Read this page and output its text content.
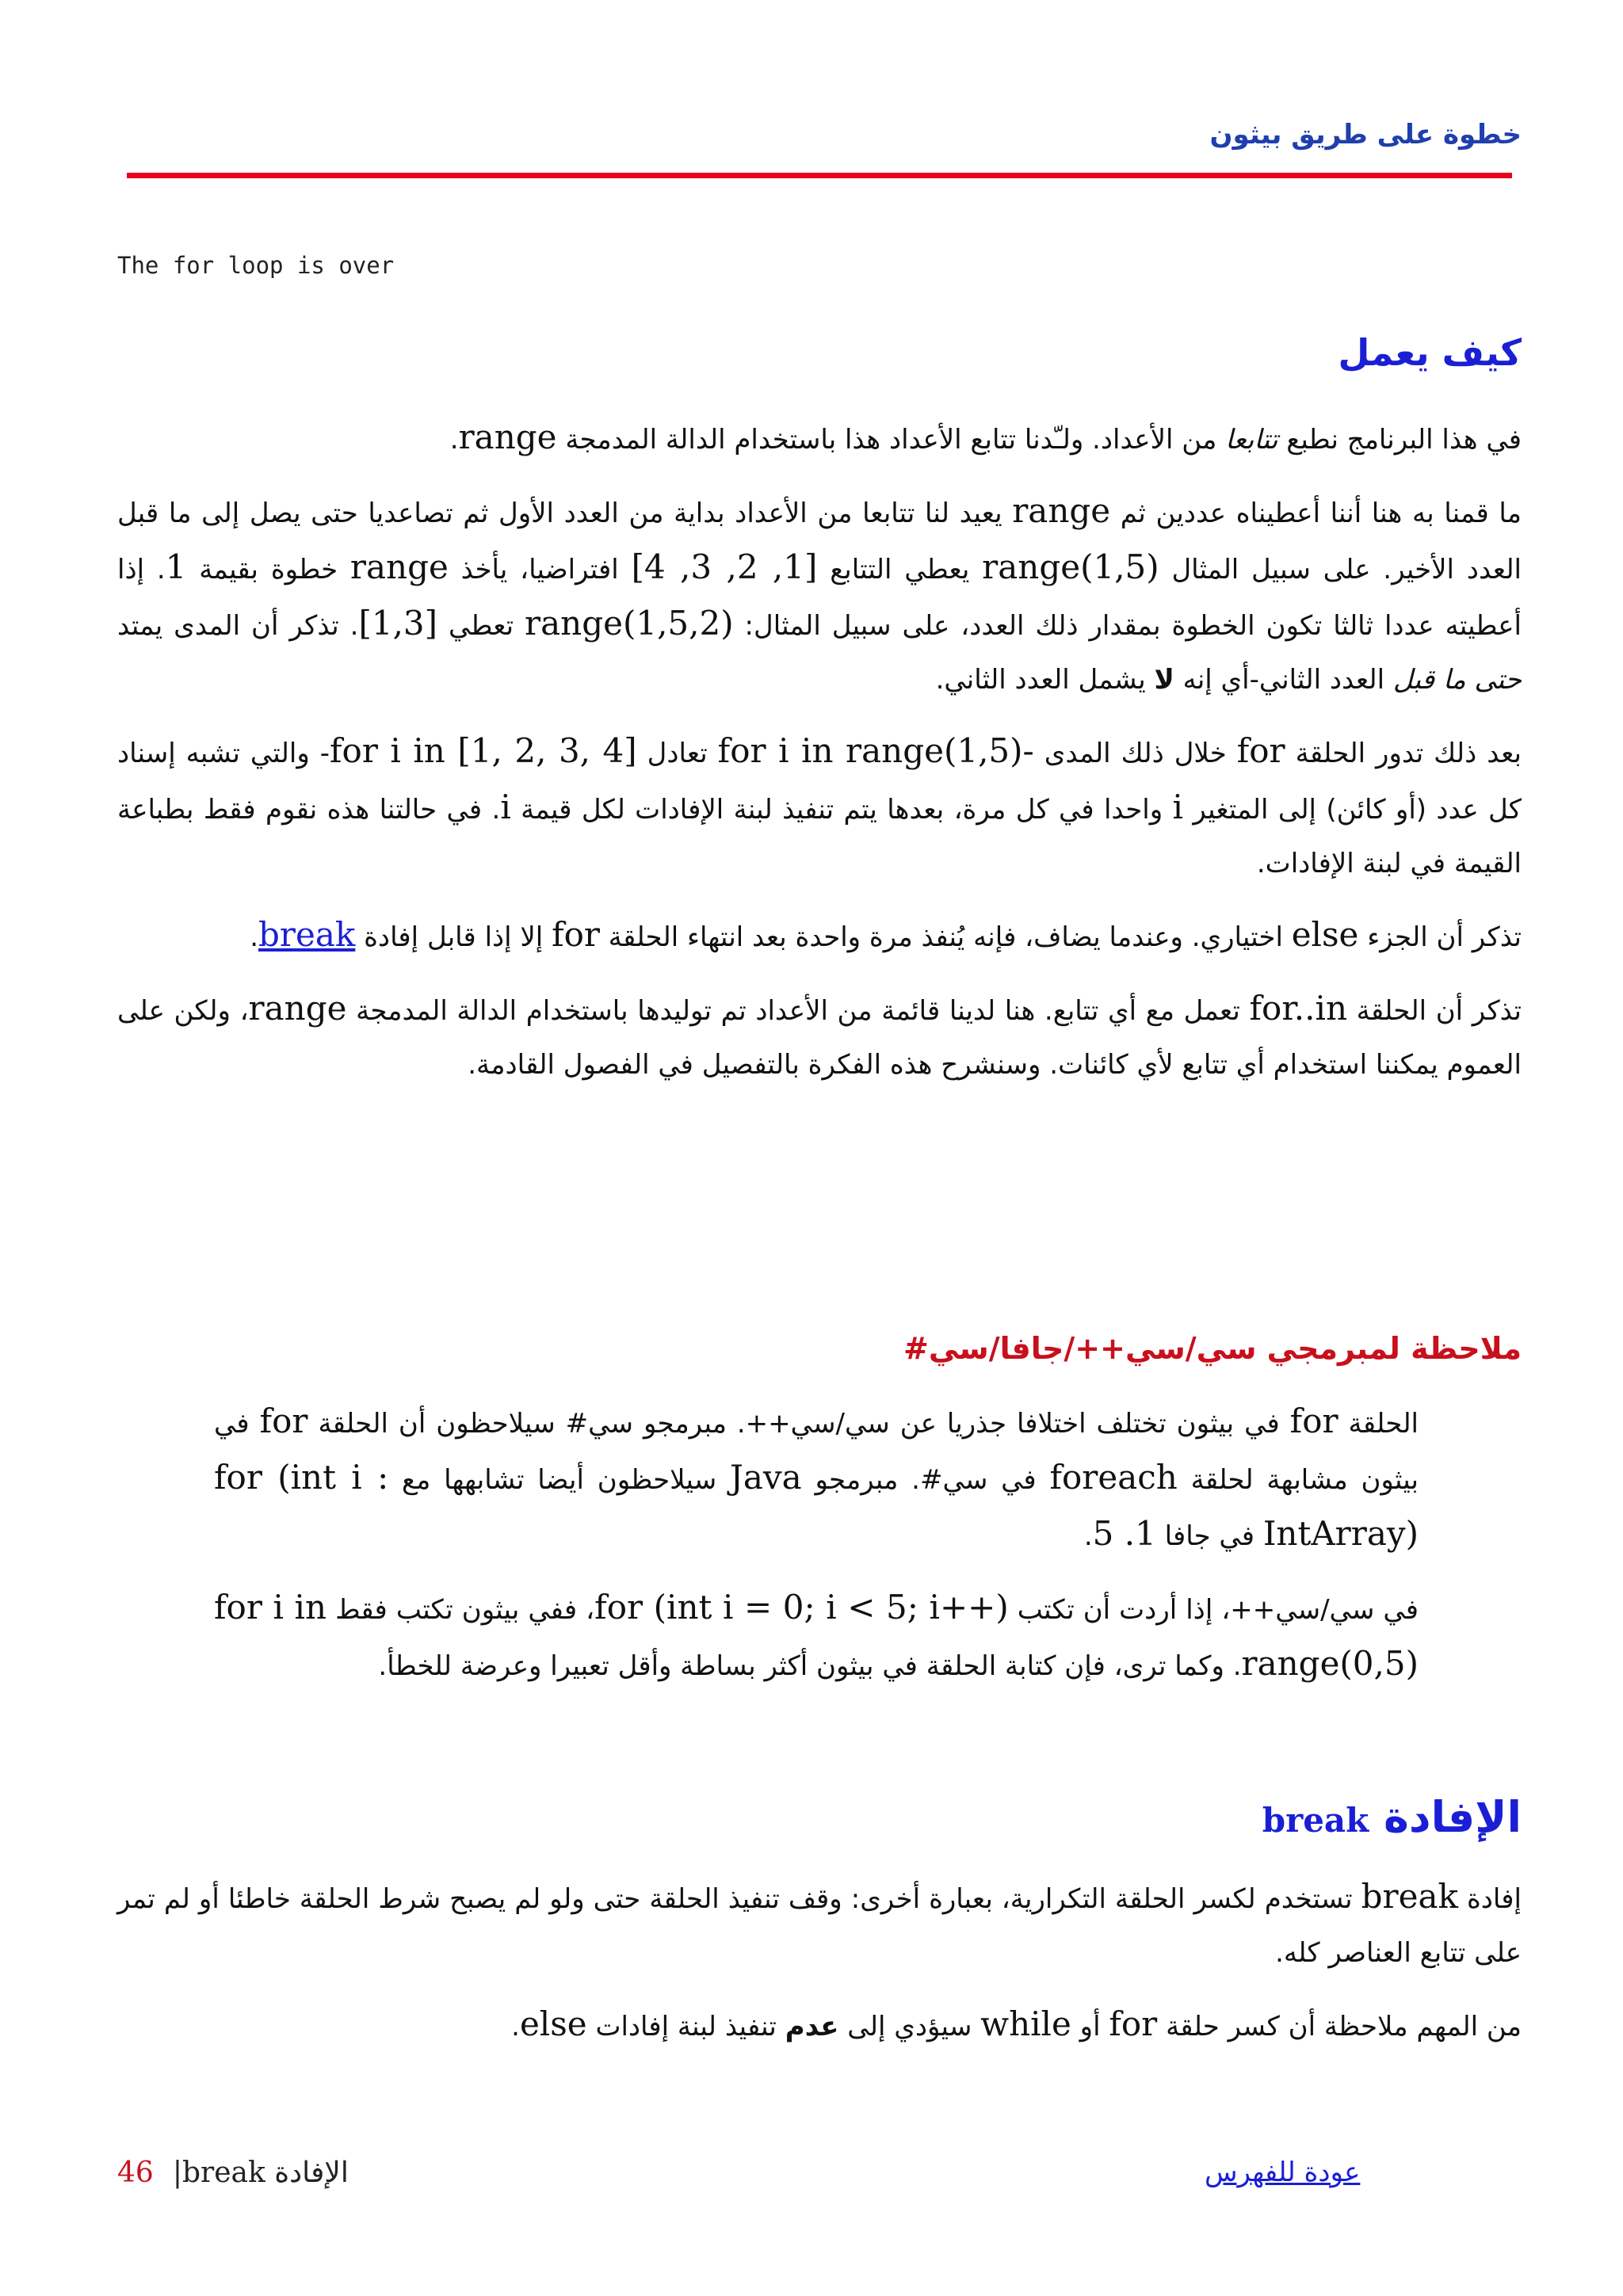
خطوة على طريق بيثون
The for loop is over
كيف يعمل

في هذا البرنامج نطبع تتابعا من الأعداد. ولـّدنا تتابع الأعداد هذا باستخدام الدالة المدمجة range.

ما قمنا به هنا أننا أعطيناه عددين ثم range يعيد لنا تتابعا من الأعداد بداية من العدد الأول ثم تصاعديا حتى يصل إلى ما قبل العدد الأخير. على سبيل المثال range(1,5) يعطي التتابع [1, 2, 3, 4] افتراضيا، يأخذ range خطوة بقيمة 1. إذا أعطيته عددا ثالثا تكون الخطوة بمقدار ذلك العدد، على سبيل المثال: range(1,5,2) تعطي [1,3]. تذكر أن المدى يمتد حتى ما قبل العدد الثاني-أي إنه لا يشمل العدد الثاني.

بعد ذلك تدور الحلقة for خلال ذلك المدى -for i in range(1,5) تعادل for i in [1, 2, 3, 4]- والتي تشبه إسناد كل عدد (أو كائن) إلى المتغير i واحدا في كل مرة، بعدها يتم تنفيذ لبنة الإفادات لكل قيمة i. في حالتنا هذه نقوم فقط بطباعة القيمة في لبنة الإفادات.

تذكر أن الجزء else اختياري. وعندما يضاف، فإنه يُنفذ مرة واحدة بعد انتهاء الحلقة for إلا إذا قابل إفادة break.

تذكر أن الحلقة for..in تعمل مع أي تتابع. هنا لدينا قائمة من الأعداد تم توليدها باستخدام الدالة المدمجة range، ولكن على العموم يمكننا استخدام أي تتابع لأي كائنات. وسنشرح هذه الفكرة بالتفصيل في الفصول القادمة.

ملاحظة لمبرمجي سي/سي++/جافا/سي#

الحلقة for في بيثون تختلف اختلافا جذريا عن سي/سي++. مبرمجو سي# سيلاحظون أن الحلقة for في بيثون مشابهة لحلقة foreach في سي#. مبرمجو Java سيلاحظون أيضا تشابهها مع for (int i : IntArray) في جافا 1. 5.

في سي/سي++، إذا أردت أن تكتب for (int i = 0; i < 5; i++)، ففي بيثون تكتب فقط for i in range(0,5). وكما ترى، فإن كتابة الحلقة في بيثون أكثر بساطة وأقل تعبيرا وعرضة للخطأ.

الإفادة break

إفادة break تستخدم لكسر الحلقة التكرارية، بعبارة أخرى: وقف تنفيذ الحلقة حتى ولو لم يصبح شرط الحلقة خاطئا أو لم تمر على تتابع العناصر كله.

من المهم ملاحظة أن كسر حلقة for أو while سيؤدي إلى عدم تنفيذ لبنة إفادات else.

46 |الإفادة break	عودة للفهرس
